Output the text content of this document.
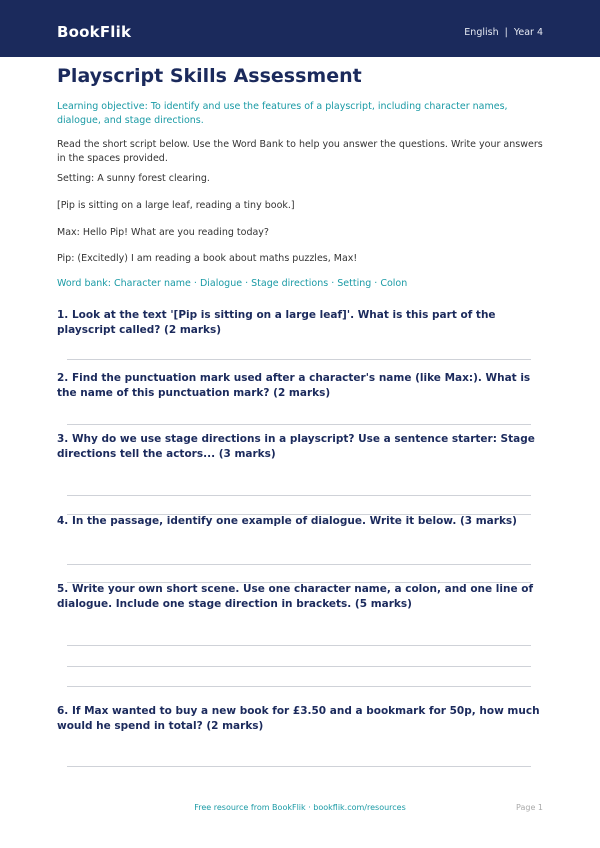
BookFlik	English | Year 4
Playscript Skills Assessment
Learning objective: To identify and use the features of a playscript, including character names, dialogue, and stage directions.
Read the short script below. Use the Word Bank to help you answer the questions. Write your answers in the spaces provided.
Setting: A sunny forest clearing.
[Pip is sitting on a large leaf, reading a tiny book.]
Max: Hello Pip! What are you reading today?
Pip: (Excitedly) I am reading a book about maths puzzles, Max!
Word bank: Character name · Dialogue · Stage directions · Setting · Colon
1. Look at the text '[Pip is sitting on a large leaf]'. What is this part of the playscript called? (2 marks)
2. Find the punctuation mark used after a character's name (like Max:). What is the name of this punctuation mark? (2 marks)
3. Why do we use stage directions in a playscript? Use a sentence starter: Stage directions tell the actors... (3 marks)
4. In the passage, identify one example of dialogue. Write it below. (3 marks)
5. Write your own short scene. Use one character name, a colon, and one line of dialogue. Include one stage direction in brackets. (5 marks)
6. If Max wanted to buy a new book for £3.50 and a bookmark for 50p, how much would he spend in total? (2 marks)
Free resource from BookFlik · bookflik.com/resources	Page 1
